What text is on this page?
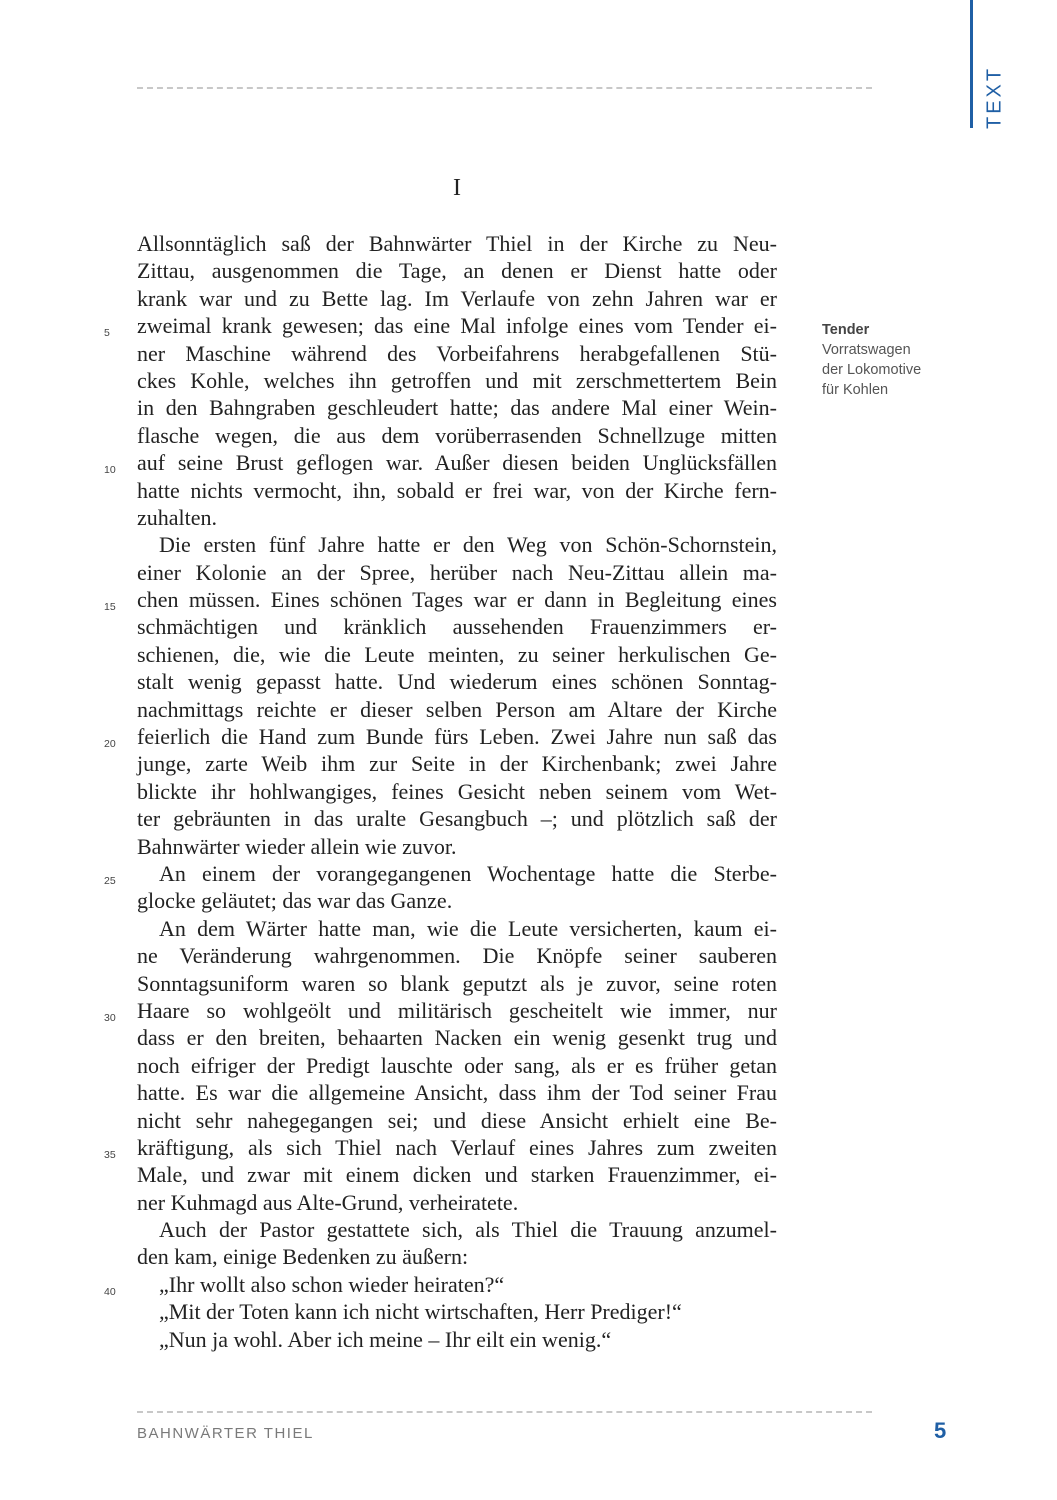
TEXT
I
Allsonntäglich saß der Bahnwärter Thiel in der Kirche zu Neu-
Zittau, ausgenommen die Tage, an denen er Dienst hatte oder
krank war und zu Bette lag. Im Verlaufe von zehn Jahren war er
zweimal krank gewesen; das eine Mal infolge eines vom Tender ei-
ner Maschine während des Vorbeifahrens herabgefallenen Stü-
ckes Kohle, welches ihn getroffen und mit zerschmettertem Bein
in den Bahngraben geschleudert hatte; das andere Mal einer Wein-
flasche wegen, die aus dem vorüberrasenden Schnellzuge mitten
auf seine Brust geflogen war. Außer diesen beiden Unglücksfällen
hatte nichts vermocht, ihn, sobald er frei war, von der Kirche fern-
zuhalten.
Die ersten fünf Jahre hatte er den Weg von Schön-Schornstein,
einer Kolonie an der Spree, herüber nach Neu-Zittau allein ma-
chen müssen. Eines schönen Tages war er dann in Begleitung eines
schmächtigen und kränklich aussehenden Frauenzimmers er-
schienen, die, wie die Leute meinten, zu seiner herkulischen Ge-
stalt wenig gepasst hatte. Und wiederum eines schönen Sonntag-
nachmittags reichte er dieser selben Person am Altare der Kirche
feierlich die Hand zum Bunde fürs Leben. Zwei Jahre nun saß das
junge, zarte Weib ihm zur Seite in der Kirchenbank; zwei Jahre
blickte ihr hohlwangiges, feines Gesicht neben seinem vom Wet-
ter gebräunten in das uralte Gesangbuch –; und plötzlich saß der
Bahnwärter wieder allein wie zuvor.
An einem der vorangegangenen Wochentage hatte die Sterbe-
glocke geläutet; das war das Ganze.
An dem Wärter hatte man, wie die Leute versicherten, kaum ei-
ne Veränderung wahrgenommen. Die Knöpfe seiner sauberen
Sonntagsuniform waren so blank geputzt als je zuvor, seine roten
Haare so wohlgeölt und militärisch gescheitelt wie immer, nur
dass er den breiten, behaarten Nacken ein wenig gesenkt trug und
noch eifriger der Predigt lauschte oder sang, als er es früher getan
hatte. Es war die allgemeine Ansicht, dass ihm der Tod seiner Frau
nicht sehr nahegegangen sei; und diese Ansicht erhielt eine Be-
kräftigung, als sich Thiel nach Verlauf eines Jahres zum zweiten
Male, und zwar mit einem dicken und starken Frauenzimmer, ei-
ner Kuhmagd aus Alte-Grund, verheiratete.
Auch der Pastor gestattete sich, als Thiel die Trauung anzumel-
den kam, einige Bedenken zu äußern:
„Ihr wollt also schon wieder heiraten?“
„Mit der Toten kann ich nicht wirtschaften, Herr Prediger!“
„Nun ja wohl. Aber ich meine – Ihr eilt ein wenig.“
5
10
15
20
25
30
35
40
Tender
Vorratswagen
der Lokomotive
für Kohlen
BAHNWÄRTER THIEL	5
